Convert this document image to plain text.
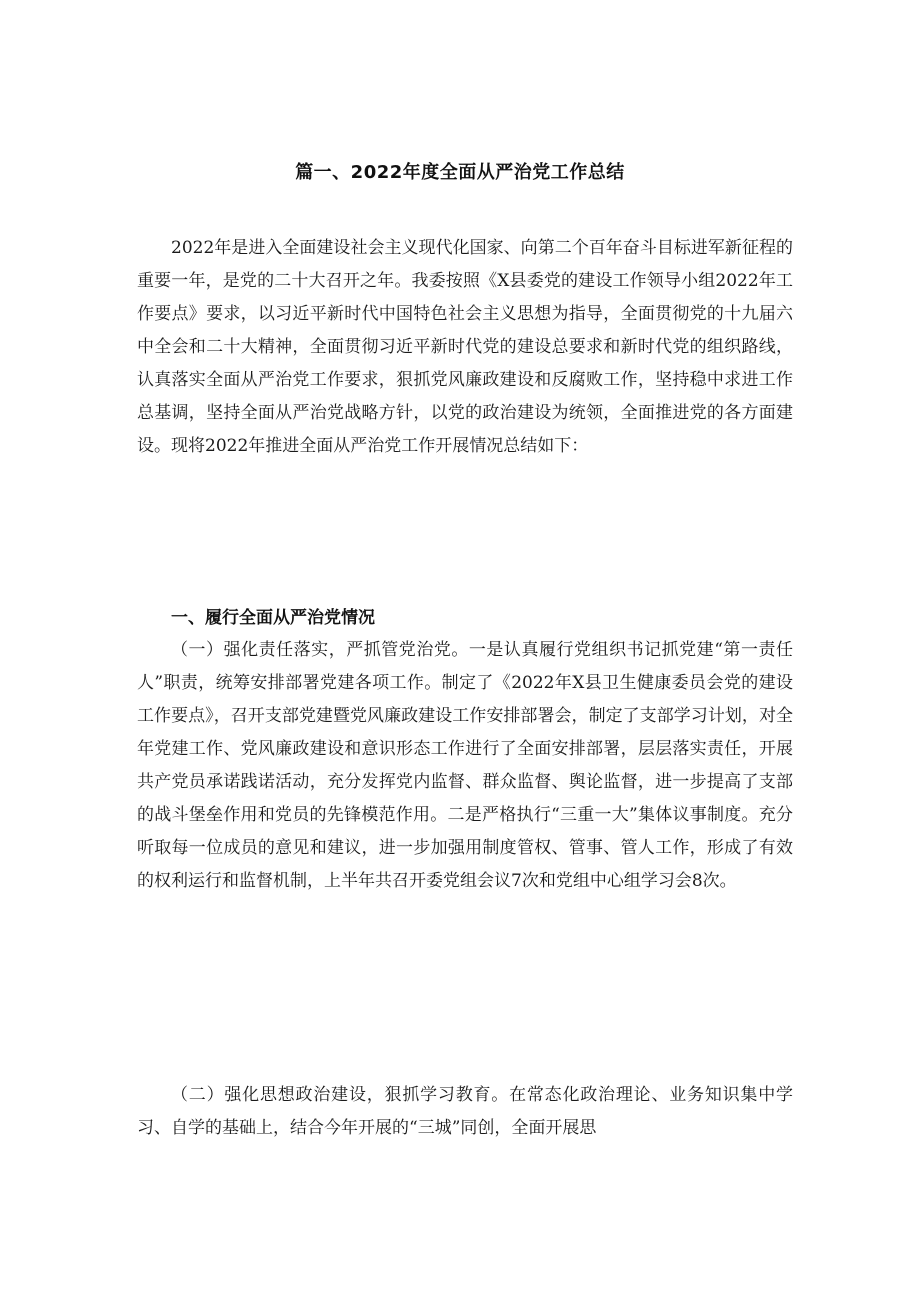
篇一、2022年度全面从严治党工作总结

2022年是进入全面建设社会主义现代化国家、向第二个百年奋斗目标进军新征程的重要一年，是党的二十大召开之年。我委按照《X县委党的建设工作领导小组2022年工作要点》要求，以习近平新时代中国特色社会主义思想为指导，全面贯彻党的十九届六中全会和二十大精神，全面贯彻习近平新时代党的建设总要求和新时代党的组织路线，认真落实全面从严治党工作要求，狠抓党风廉政建设和反腐败工作，坚持稳中求进工作总基调，坚持全面从严治党战略方针，以党的政治建设为统领，全面推进党的各方面建设。现将2022年推进全面从严治党工作开展情况总结如下：

一、履行全面从严治党情况

（一）强化责任落实，严抓管党治党。一是认真履行党组织书记抓党建“第一责任人”职责，统筹安排部署党建各项工作。制定了《2022年X县卫生健康委员会党的建设工作要点》，召开支部党建暨党风廉政建设工作安排部署会，制定了支部学习计划，对全年党建工作、党风廉政建设和意识形态工作进行了全面安排部署，层层落实责任，开展共产党员承诺践诺活动，充分发挥党内监督、群众监督、舆论监督，进一步提高了支部的战斗堡垒作用和党员的先锋模范作用。二是严格执行“三重一大”集体议事制度。充分听取每一位成员的意见和建议，进一步加强用制度管权、管事、管人工作，形成了有效的权利运行和监督机制，上半年共召开委党组会议7次和党组中心组学习会8次。

（二）强化思想政治建设，狠抓学习教育。在常态化政治理论、业务知识集中学习、自学的基础上，结合今年开展的“三城”同创，全面开展思
